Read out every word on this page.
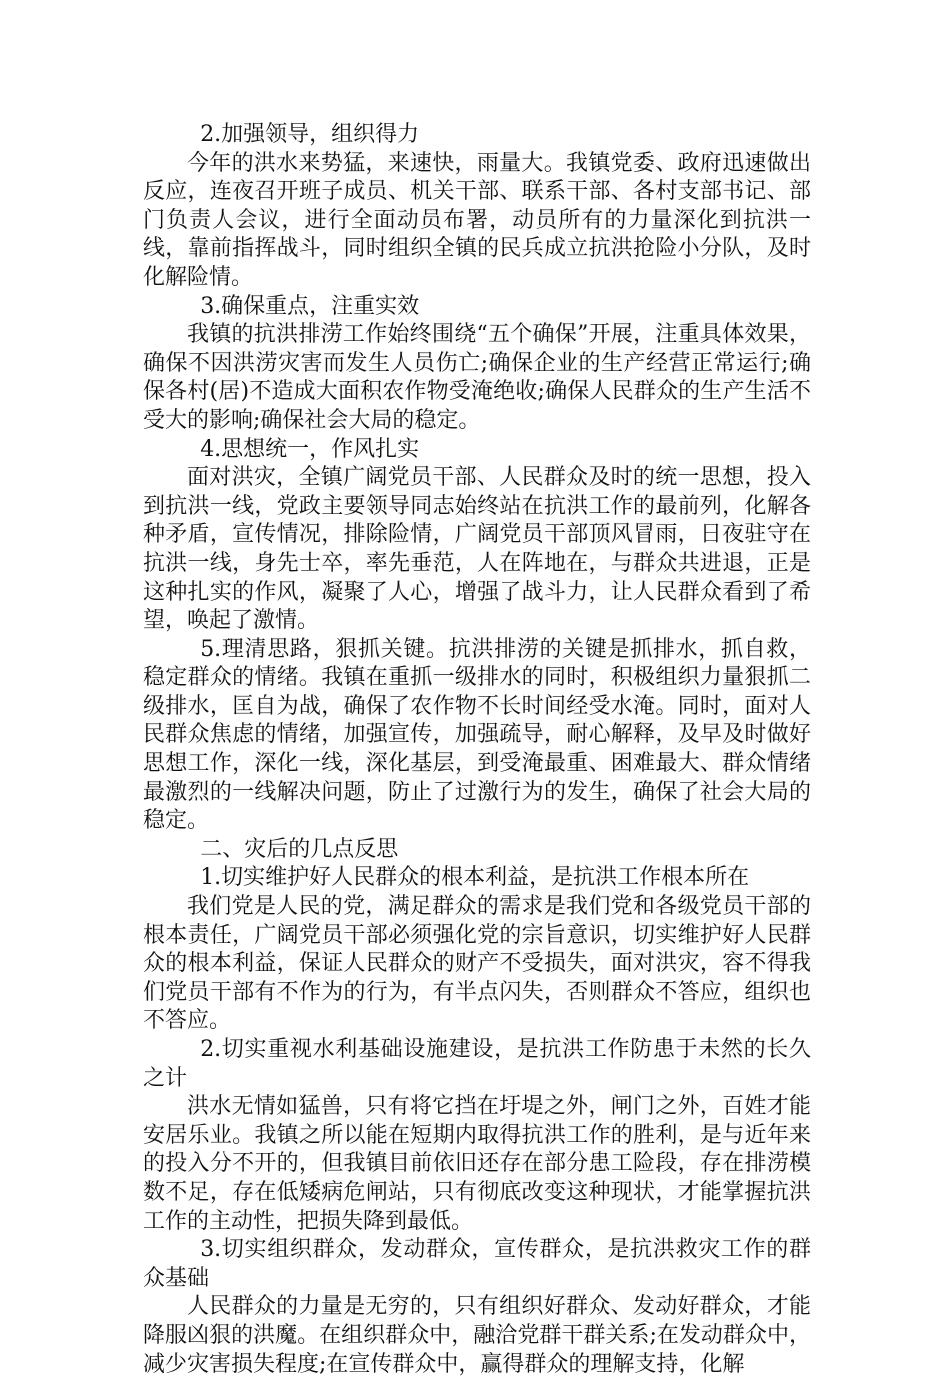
2.加强领导，组织得力

今年的洪水来势猛，来速快，雨量大。我镇党委、政府迅速做出反应，连夜召开班子成员、机关干部、联系干部、各村支部书记、部门负责人会议，进行全面动员布署，动员所有的力量深化到抗洪一线，靠前指挥战斗，同时组织全镇的民兵成立抗洪抢险小分队，及时化解险情。

3.确保重点，注重实效

我镇的抗洪排涝工作始终围绕“五个确保”开展，注重具体效果，确保不因洪涝灾害而发生人员伤亡;确保企业的生产经营正常运行;确保各村(居)不造成大面积农作物受淹绝收;确保人民群众的生产生活不受大的影响;确保社会大局的稳定。

4.思想统一，作风扎实

面对洪灾，全镇广阔党员干部、人民群众及时的统一思想，投入到抗洪一线，党政主要领导同志始终站在抗洪工作的最前列，化解各种矛盾，宣传情况，排除险情，广阔党员干部顶风冒雨，日夜驻守在抗洪一线，身先士卒，率先垂范，人在阵地在，与群众共进退，正是这种扎实的作风，凝聚了人心，增强了战斗力，让人民群众看到了希望，唤起了激情。

5.理清思路，狠抓关键。抗洪排涝的关键是抓排水，抓自救，稳定群众的情绪。我镇在重抓一级排水的同时，积极组织力量狠抓二级排水，匡自为战，确保了农作物不长时间经受水淹。同时，面对人民群众焦虑的情绪，加强宣传，加强疏导，耐心解释，及早及时做好思想工作，深化一线，深化基层，到受淹最重、困难最大、群众情绪最激烈的一线解决问题，防止了过激行为的发生，确保了社会大局的稳定。

二、灾后的几点反思

1.切实维护好人民群众的根本利益，是抗洪工作根本所在

我们党是人民的党，满足群众的需求是我们党和各级党员干部的根本责任，广阔党员干部必须强化党的宗旨意识，切实维护好人民群众的根本利益，保证人民群众的财产不受损失，面对洪灾，容不得我们党员干部有不作为的行为，有半点闪失，否则群众不答应，组织也不答应。

2.切实重视水利基础设施建设，是抗洪工作防患于未然的长久之计

洪水无情如猛兽，只有将它挡在圩堤之外，闸门之外，百姓才能安居乐业。我镇之所以能在短期内取得抗洪工作的胜利，是与近年来的投入分不开的，但我镇目前依旧还存在部分患工险段，存在排涝模数不足，存在低矮病危闸站，只有彻底改变这种现状，才能掌握抗洪工作的主动性，把损失降到最低。

3.切实组织群众，发动群众，宣传群众，是抗洪救灾工作的群众基础

人民群众的力量是无穷的，只有组织好群众、发动好群众，才能降服凶狠的洪魔。在组织群众中，融洽党群干群关系;在发动群众中，减少灾害损失程度;在宣传群众中，赢得群众的理解支持，化解
